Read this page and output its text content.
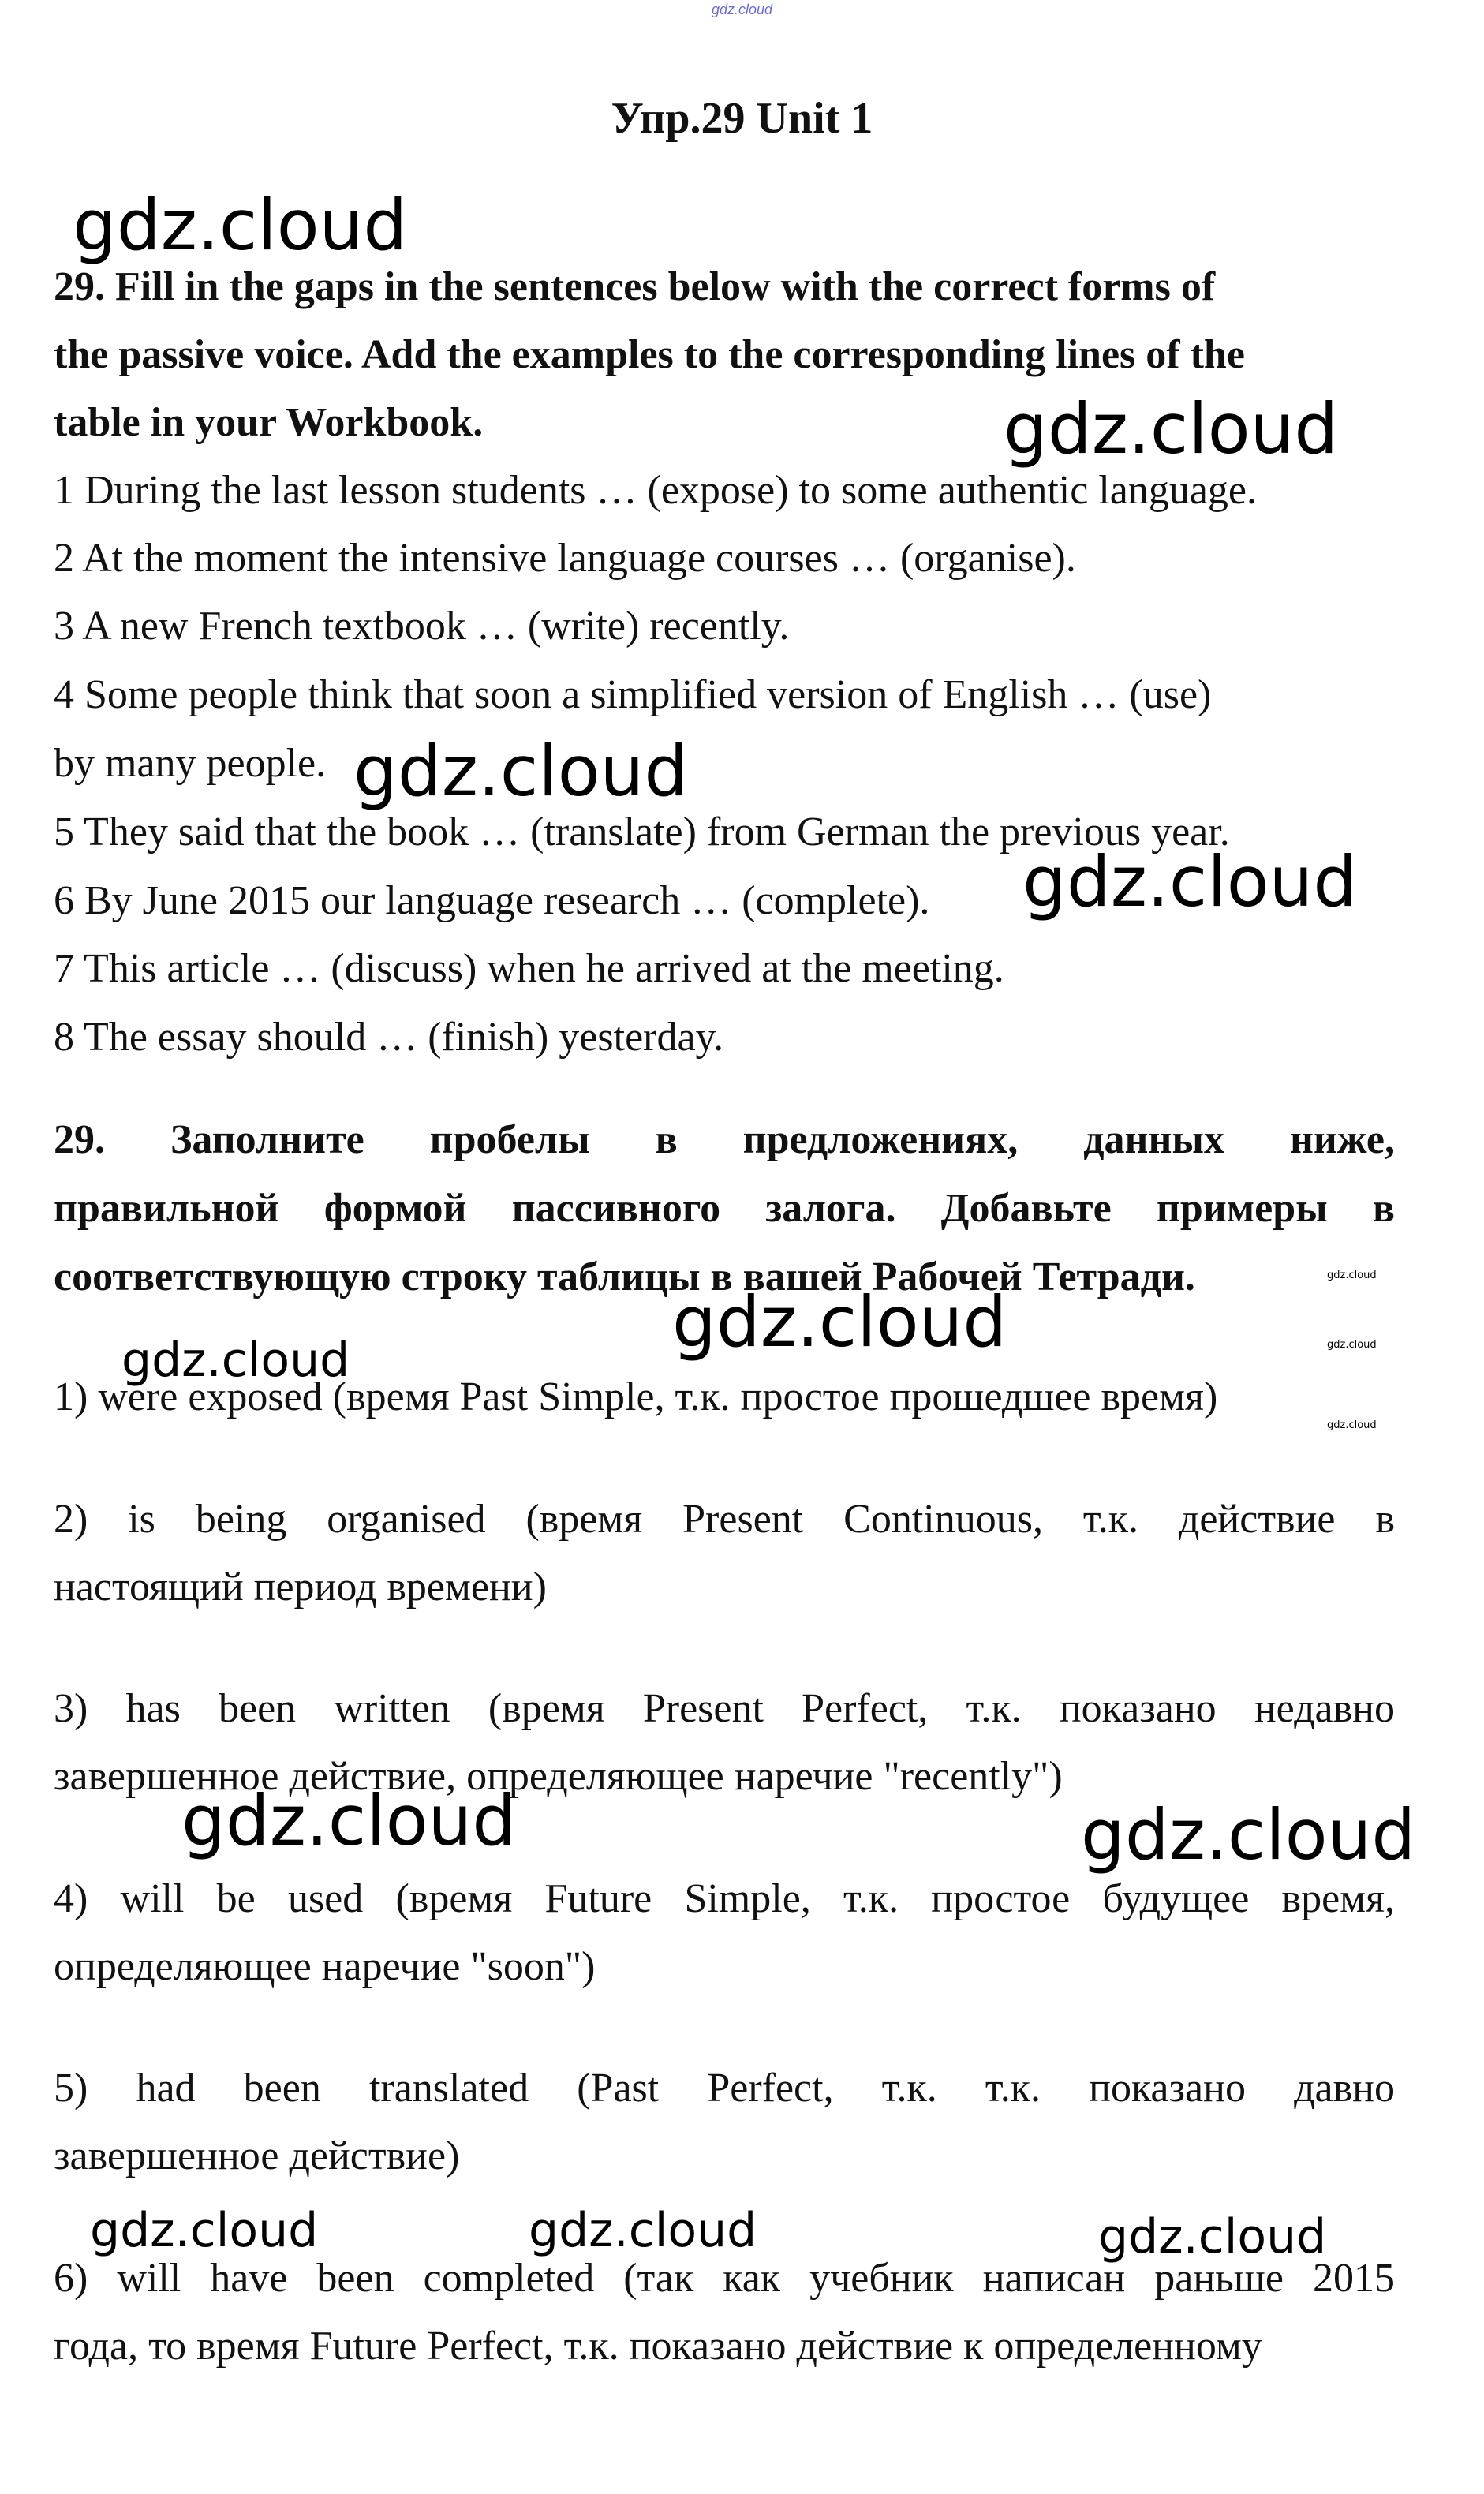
gdz.cloud
Упр.29 Unit 1
29. Fill in the gaps in the sentences below with the correct forms of
the passive voice. Add the examples to the corresponding lines of the
table in your Workbook.
1 During the last lesson students … (expose) to some authentic language.
2 At the moment the intensive language courses … (organise).
3 A new French textbook … (write) recently.
4 Some people think that soon a simplified version of English … (use)
by many people.
5 They said that the book … (translate) from German the previous year.
6 By June 2015 our language research … (complete).
7 This article … (discuss) when he arrived at the meeting.
8 The essay should … (finish) yesterday.
29. Заполните пробелы в предложениях, данных ниже,
правильной формой пассивного залога. Добавьте примеры в
соответствующую строку таблицы в вашей Рабочей Тетради.
1) were exposed (время Past Simple, т.к. простое прошедшее время)
2) is being organised (время Present Continuous, т.к. действие в
настоящий период времени)
3) has been written (время Present Perfect, т.к. показано недавно
завершенное действие, определяющее наречие "recently")
4) will be used (время Future Simple, т.к. простое будущее время,
определяющее наречие "soon")
5) had been translated (Past Perfect, т.к. т.к. показано давно
завершенное действие)
6) will have been completed (так как учебник написан раньше 2015
года, то время Future Perfect, т.к. показано действие к определенному
gdz.cloud
gdz.cloud
gdz.cloud
gdz.cloud
gdz.cloud
gdz.cloud
gdz.cloud	gdz.cloud
gdz.cloud
gdz.cloud	gdz.cloud
gdz.cloud	gdz.cloud	gdz.cloud
